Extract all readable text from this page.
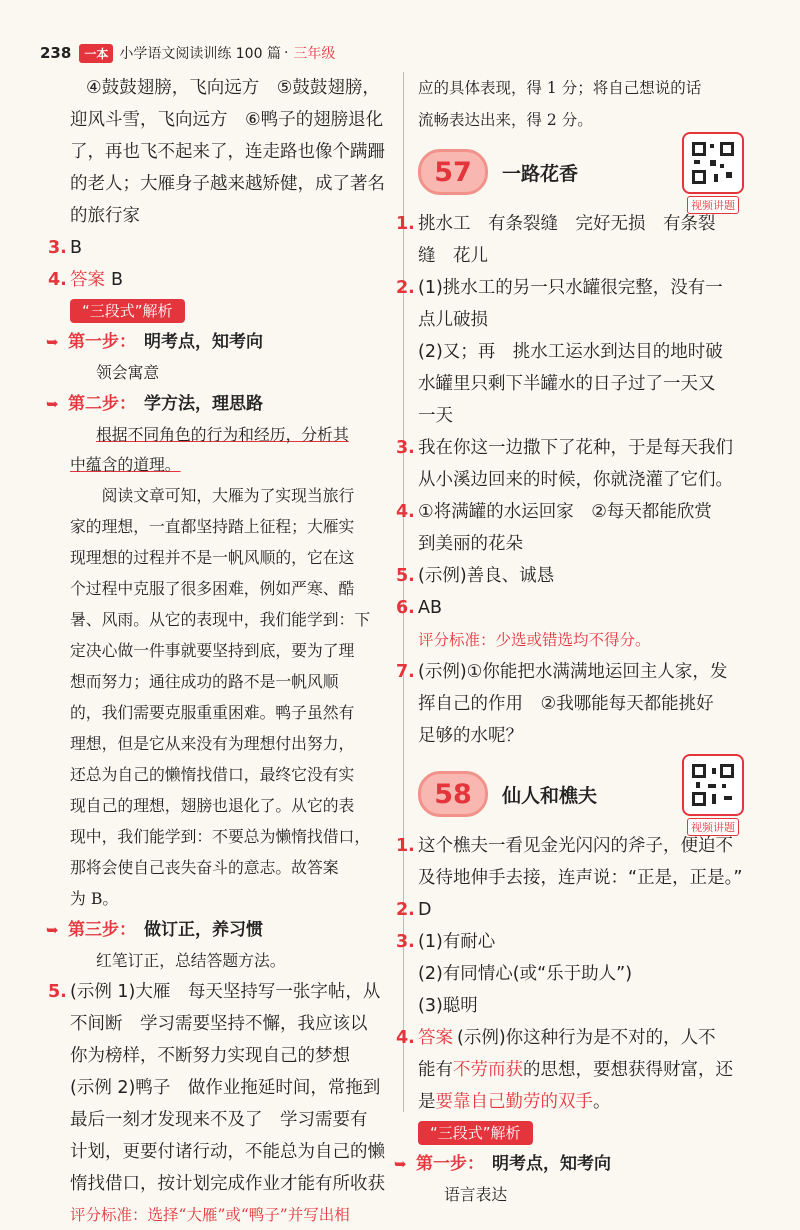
238	一本 小学语文阅读训练 100 篇 · 三年级

④鼓鼓翅膀，飞向远方　⑤鼓鼓翅膀，

迎风斗雪，飞向远方　⑥鸭子的翅膀退化

了，再也飞不起来了，连走路也像个蹒跚

的老人；大雁身子越来越矫健，成了著名

的旅行家

3. B
4. 答案 B
“三段式”解析
➥ 第一步： 明考点，知考向

领会寓意

➥ 第二步： 学方法，理思路

根据不同角色的行为和经历，分析其

中蕴含的道理。

阅读文章可知，大雁为了实现当旅行

家的理想，一直都坚持踏上征程；大雁实

现理想的过程并不是一帆风顺的，它在这

个过程中克服了很多困难，例如严寒、酷

暑、风雨。从它的表现中，我们能学到：下

定决心做一件事就要坚持到底，要为了理

想而努力；通往成功的路不是一帆风顺

的，我们需要克服重重困难。鸭子虽然有

理想，但是它从来没有为理想付出努力，

还总为自己的懒惰找借口，最终它没有实

现自己的理想，翅膀也退化了。从它的表

现中，我们能学到：不要总为懒惰找借口，

那将会使自己丧失奋斗的意志。故答案

为 B。

➥ 第三步： 做订正，养习惯

红笔订正，总结答题方法。

5. (示例 1)大雁　每天坚持写一张字帖，从

不间断　学习需要坚持不懈，我应该以

你为榜样，不断努力实现自己的梦想

(示例 2)鸭子　做作业拖延时间，常拖到

最后一刻才发现来不及了　学习需要有

计划，更要付诸行动，不能总为自己的懒

惰找借口，按计划完成作业才能有所收获

评分标准：选择“大雁”或“鸭子”并写出相

应的具体表现，得 1 分；将自己想说的话

流畅表达出来，得 2 分。

57	一路花香
视频讲题
1. 挑水工　有条裂缝　完好无损　有条裂

缝　花儿

2. (1)挑水工的另一只水罐很完整，没有一

点儿破损

(2)又；再　挑水工运水到达目的地时破

水罐里只剩下半罐水的日子过了一天又

一天

3. 我在你这一边撒下了花种，于是每天我们

从小溪边回来的时候，你就浇灌了它们。

4. ①将满罐的水运回家　②每天都能欣赏

到美丽的花朵

5. (示例)善良、诚恳
6. AB

评分标准：少选或错选均不得分。

7. (示例)①你能把水满满地运回主人家，发

挥自己的作用　②我哪能每天都能挑好

足够的水呢？

58	仙人和樵夫
视频讲题
1. 这个樵夫一看见金光闪闪的斧子，便迫不

及待地伸手去接，连声说：“正是，正是。”

2. D
3. (1)有耐心

(2)有同情心(或“乐于助人”)

(3)聪明

4. 答案 (示例)你这种行为是不对的，人不

能有不劳而获的思想，要想获得财富，还

是要靠自己勤劳的双手。

“三段式”解析
➥ 第一步： 明考点，知考向

语言表达
